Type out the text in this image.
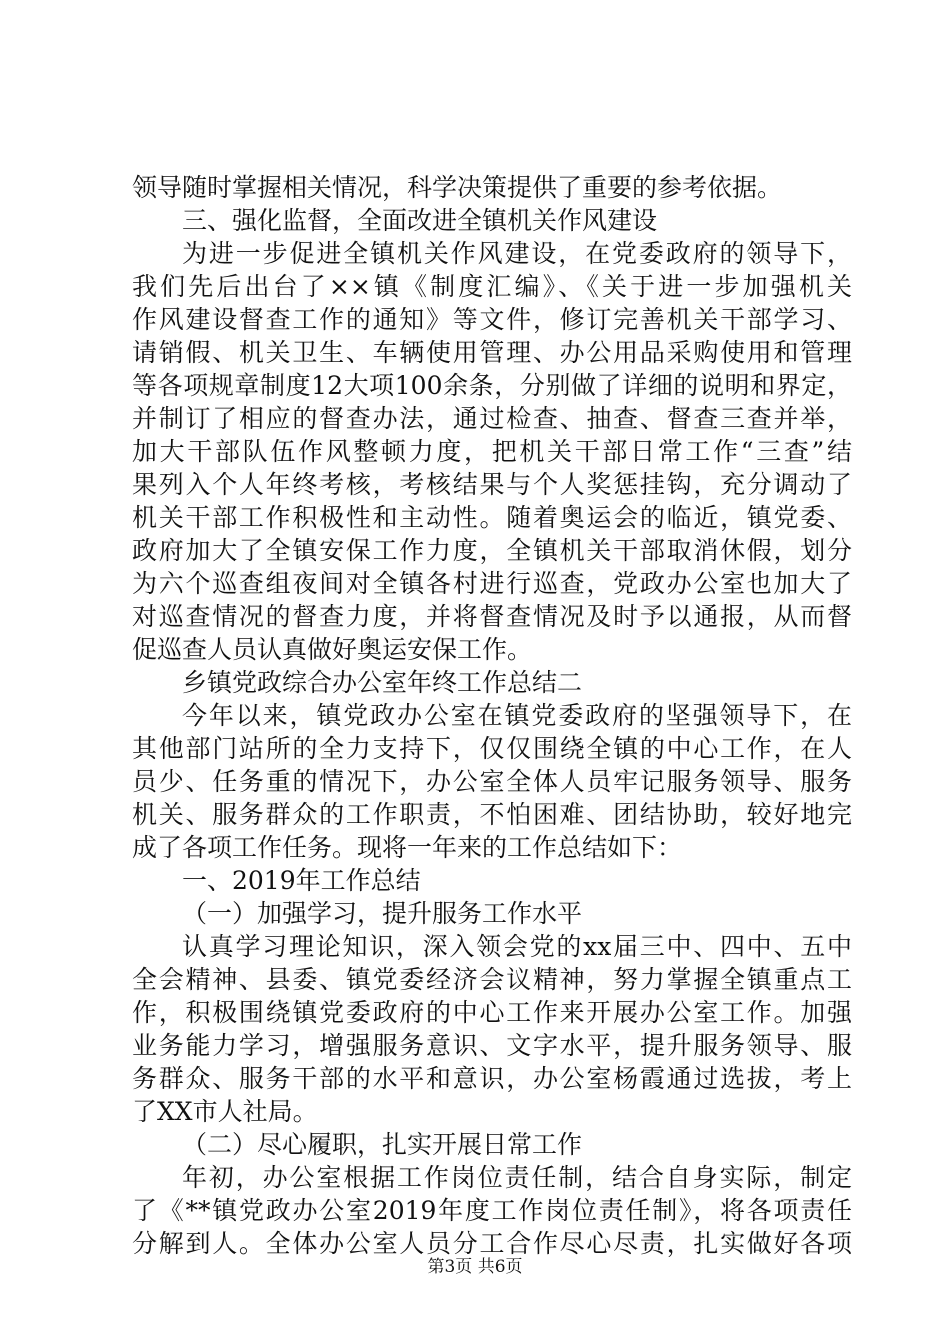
领导随时掌握相关情况，科学决策提供了重要的参考依据。
三、强化监督，全面改进全镇机关作风建设
为进一步促进全镇机关作风建设，在党委政府的领导下，
我们先后出台了××镇《制度汇编》、《关于进一步加强机关
作风建设督查工作的通知》等文件，修订完善机关干部学习、
请销假、机关卫生、车辆使用管理、办公用品采购使用和管理
等各项规章制度12大项100余条，分别做了详细的说明和界定，
并制订了相应的督查办法，通过检查、抽查、督查三查并举，
加大干部队伍作风整顿力度，把机关干部日常工作“三查”结
果列入个人年终考核，考核结果与个人奖惩挂钩，充分调动了
机关干部工作积极性和主动性。随着奥运会的临近，镇党委、
政府加大了全镇安保工作力度，全镇机关干部取消休假，划分
为六个巡查组夜间对全镇各村进行巡查，党政办公室也加大了
对巡查情况的督查力度，并将督查情况及时予以通报，从而督
促巡查人员认真做好奥运安保工作。
乡镇党政综合办公室年终工作总结二
今年以来，镇党政办公室在镇党委政府的坚强领导下，在
其他部门站所的全力支持下，仅仅围绕全镇的中心工作，在人
员少、任务重的情况下，办公室全体人员牢记服务领导、服务
机关、服务群众的工作职责，不怕困难、团结协助，较好地完
成了各项工作任务。现将一年来的工作总结如下：
一、2019年工作总结
（一）加强学习，提升服务工作水平
认真学习理论知识，深入领会党的xx届三中、四中、五中
全会精神、县委、镇党委经济会议精神，努力掌握全镇重点工
作，积极围绕镇党委政府的中心工作来开展办公室工作。加强
业务能力学习，增强服务意识、文字水平，提升服务领导、服
务群众、服务干部的水平和意识，办公室杨霞通过选拔，考上
了XX市人社局。
（二）尽心履职，扎实开展日常工作
年初，办公室根据工作岗位责任制，结合自身实际，制定
了《**镇党政办公室2019年度工作岗位责任制》，将各项责任
分解到人。全体办公室人员分工合作尽心尽责，扎实做好各项
第3页 共6页
